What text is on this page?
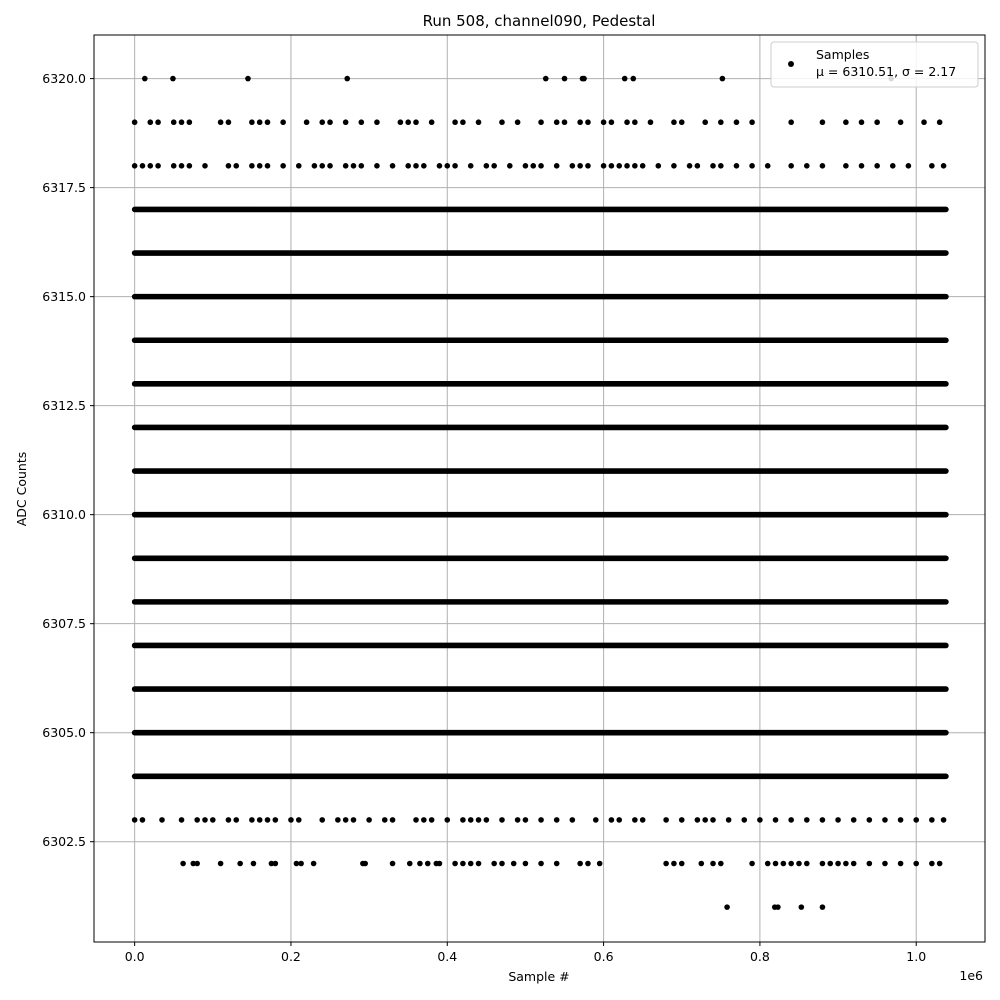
Run 508, channel090, Pedestal
0.0	0.2	0.4	0.6	0.8	1.0
6302.5
6305.0
6307.5
6310.0
6312.5
6315.0
6317.5
6320.0
Sample #	1e6
ADC Counts
Samples
μ = 6310.51, σ = 2.17
